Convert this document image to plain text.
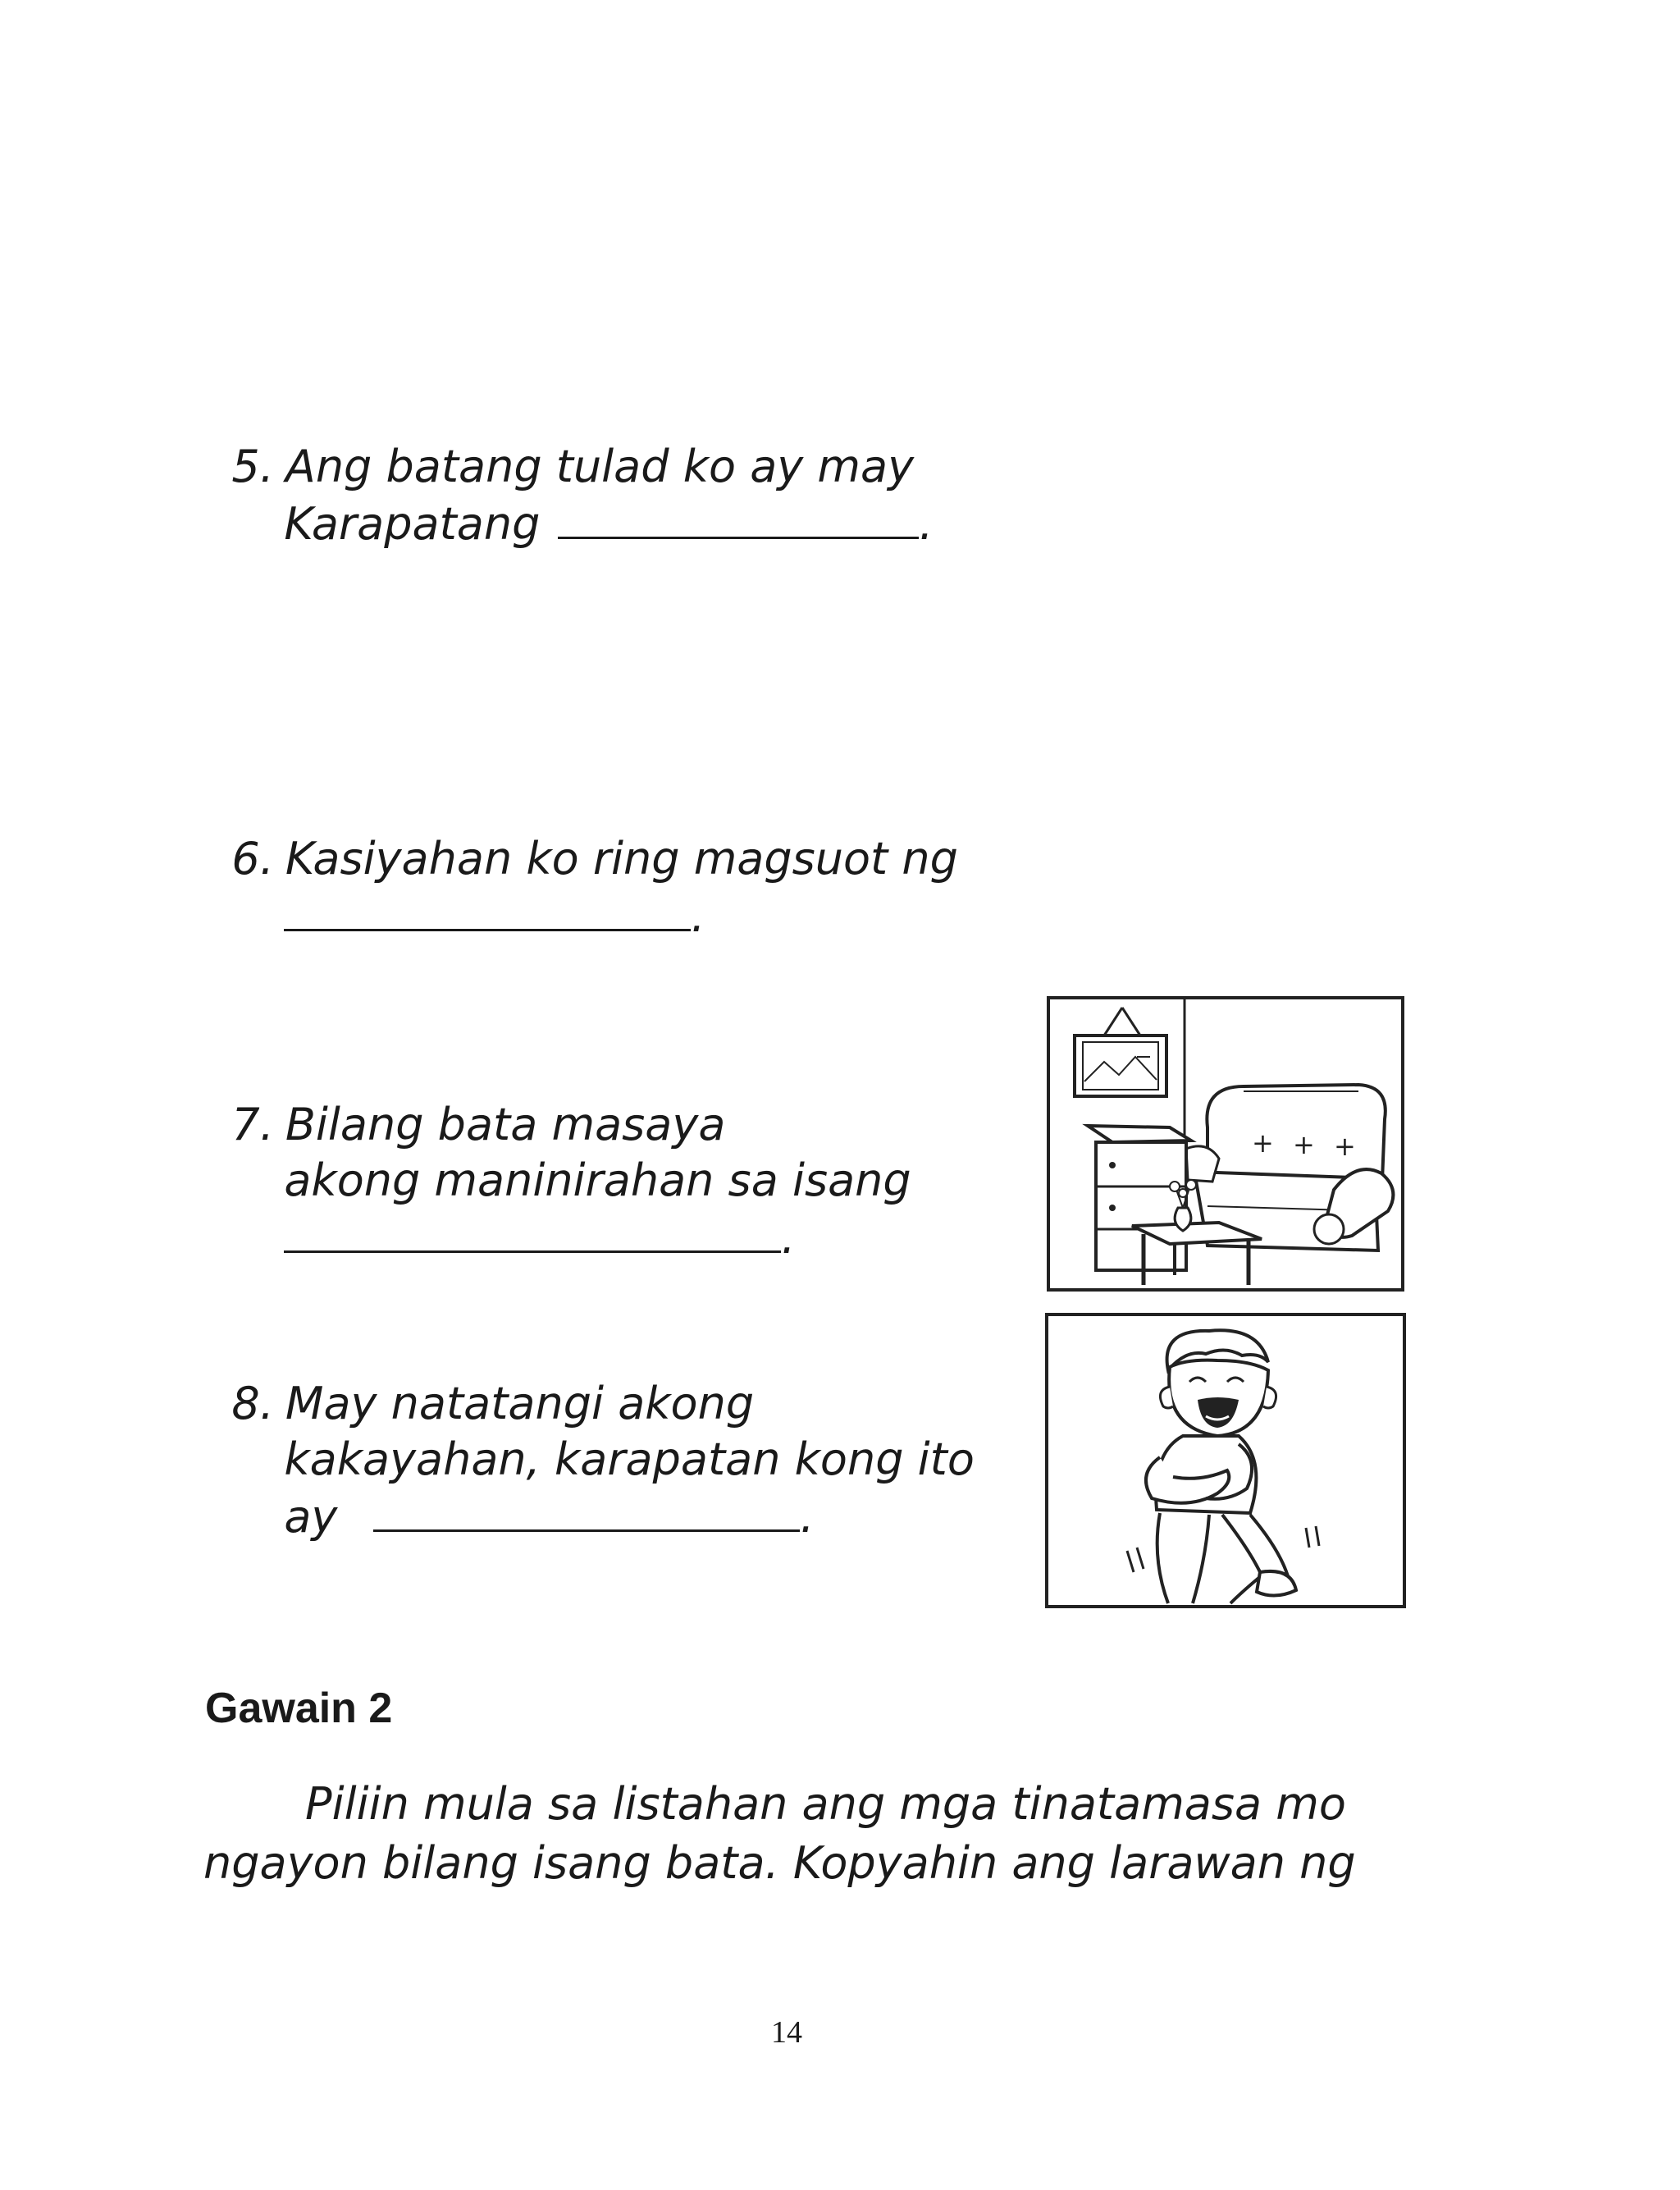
5. Ang batang tulad ko ay may

Karapatang	.

6. Kasiyahan ko ring magsuot ng

.

7. Bilang bata masaya

akong maninirahan sa isang

.

8. May natatangi akong

kakayahan, karapatan kong ito

ay	.

+ + +
Gawain 2
Piliin mula sa listahan ang mga tinatamasa mo
ngayon bilang isang bata. Kopyahin ang larawan ng
14
